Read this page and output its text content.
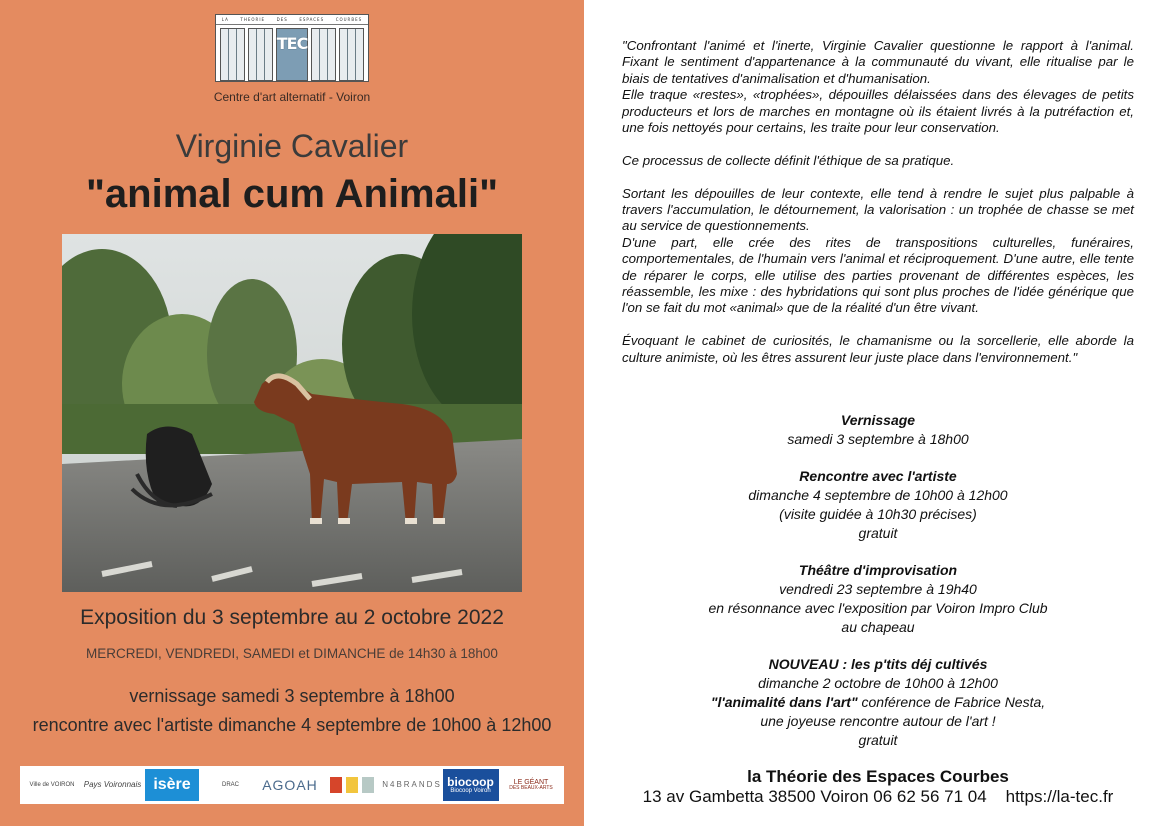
LA	THEORIE	DES	ESPACES	COURBES
TEC
Centre d'art alternatif - Voiron
Virginie Cavalier
"animal cum Animali"
Exposition du 3 septembre au 2 octobre 2022
MERCREDI, VENDREDI, SAMEDI et DIMANCHE de 14h30 à 18h00
vernissage samedi 3 septembre à 18h00
rencontre avec l'artiste dimanche 4 septembre de 10h00 à 12h00
Ville de VOIRON	Pays Voironnais isère	DRAC	AGOAH	N4BRANDS biocoop
Biocoop Voiron
LE GÉANT
DES BEAUX-ARTS

"Confrontant l'animé et l'inerte, Virginie Cavalier questionne le rapport à l'animal. Fixant le sentiment d'appartenance à la communauté du vivant, elle ritualise par le biais de tentatives d'animalisation et d'humanisation.

Elle traque «restes», «trophées», dépouilles délaissées dans des élevages de petits producteurs et lors de marches en montagne où ils étaient livrés à la putréfaction et, une fois nettoyés pour certains, les traite pour leur conservation.

Ce processus de collecte définit l'éthique de sa pratique.

Sortant les dépouilles de leur contexte, elle tend à rendre le sujet plus palpable à travers l'accumulation, le détournement, la valorisation : un trophée de chasse se met au service de questionnements.

D'une part, elle crée des rites de transpositions culturelles, funéraires, comportementales, de l'humain vers l'animal et réciproquement. D'une autre, elle tente de réparer le corps, elle utilise des parties provenant de différentes espèces, les réassemble, les mixe : des hybridations qui sont plus proches de l'idée générique que l'on se fait du mot «animal» que de la réalité d'un être vivant.

Évoquant le cabinet de curiosités, le chamanisme ou la sorcellerie, elle aborde la culture animiste, où les êtres assurent leur juste place dans l'environnement."

Vernissage
samedi 3 septembre à 18h00
Rencontre avec l'artiste
dimanche 4 septembre de 10h00 à 12h00
(visite guidée à 10h30 précises)
gratuit
Théâtre d'improvisation
vendredi 23 septembre à 19h40
en résonnance avec l'exposition par Voiron Impro Club
au chapeau
NOUVEAU : les p'tits déj cultivés
dimanche 2 octobre de 10h00 à 12h00
"l'animalité dans l'art" conférence de Fabrice Nesta,
une joyeuse rencontre autour de l'art !
gratuit
la Théorie des Espaces Courbes
13 av Gambetta 38500 Voiron 06 62 56 71 04 https://la-tec.fr
